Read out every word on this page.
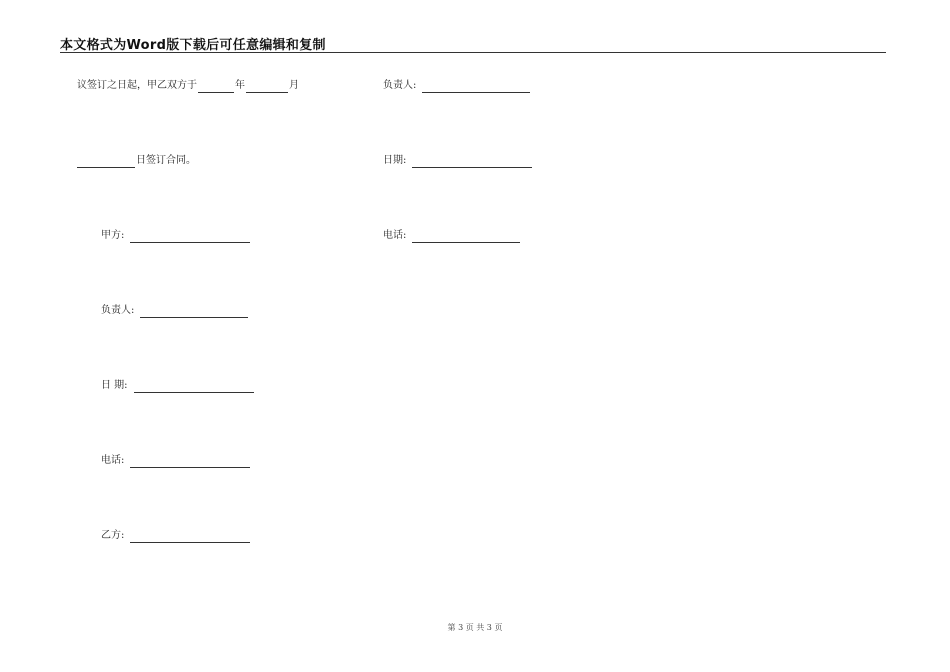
本文格式为Word版下载后可任意编辑和复制
议签订之日起，甲乙双方于	年	月
日签订合同。
甲方:
负责人:
日 期:
电话:
乙方:
负责人:
日期:
电话:
第 3 页 共 3 页
